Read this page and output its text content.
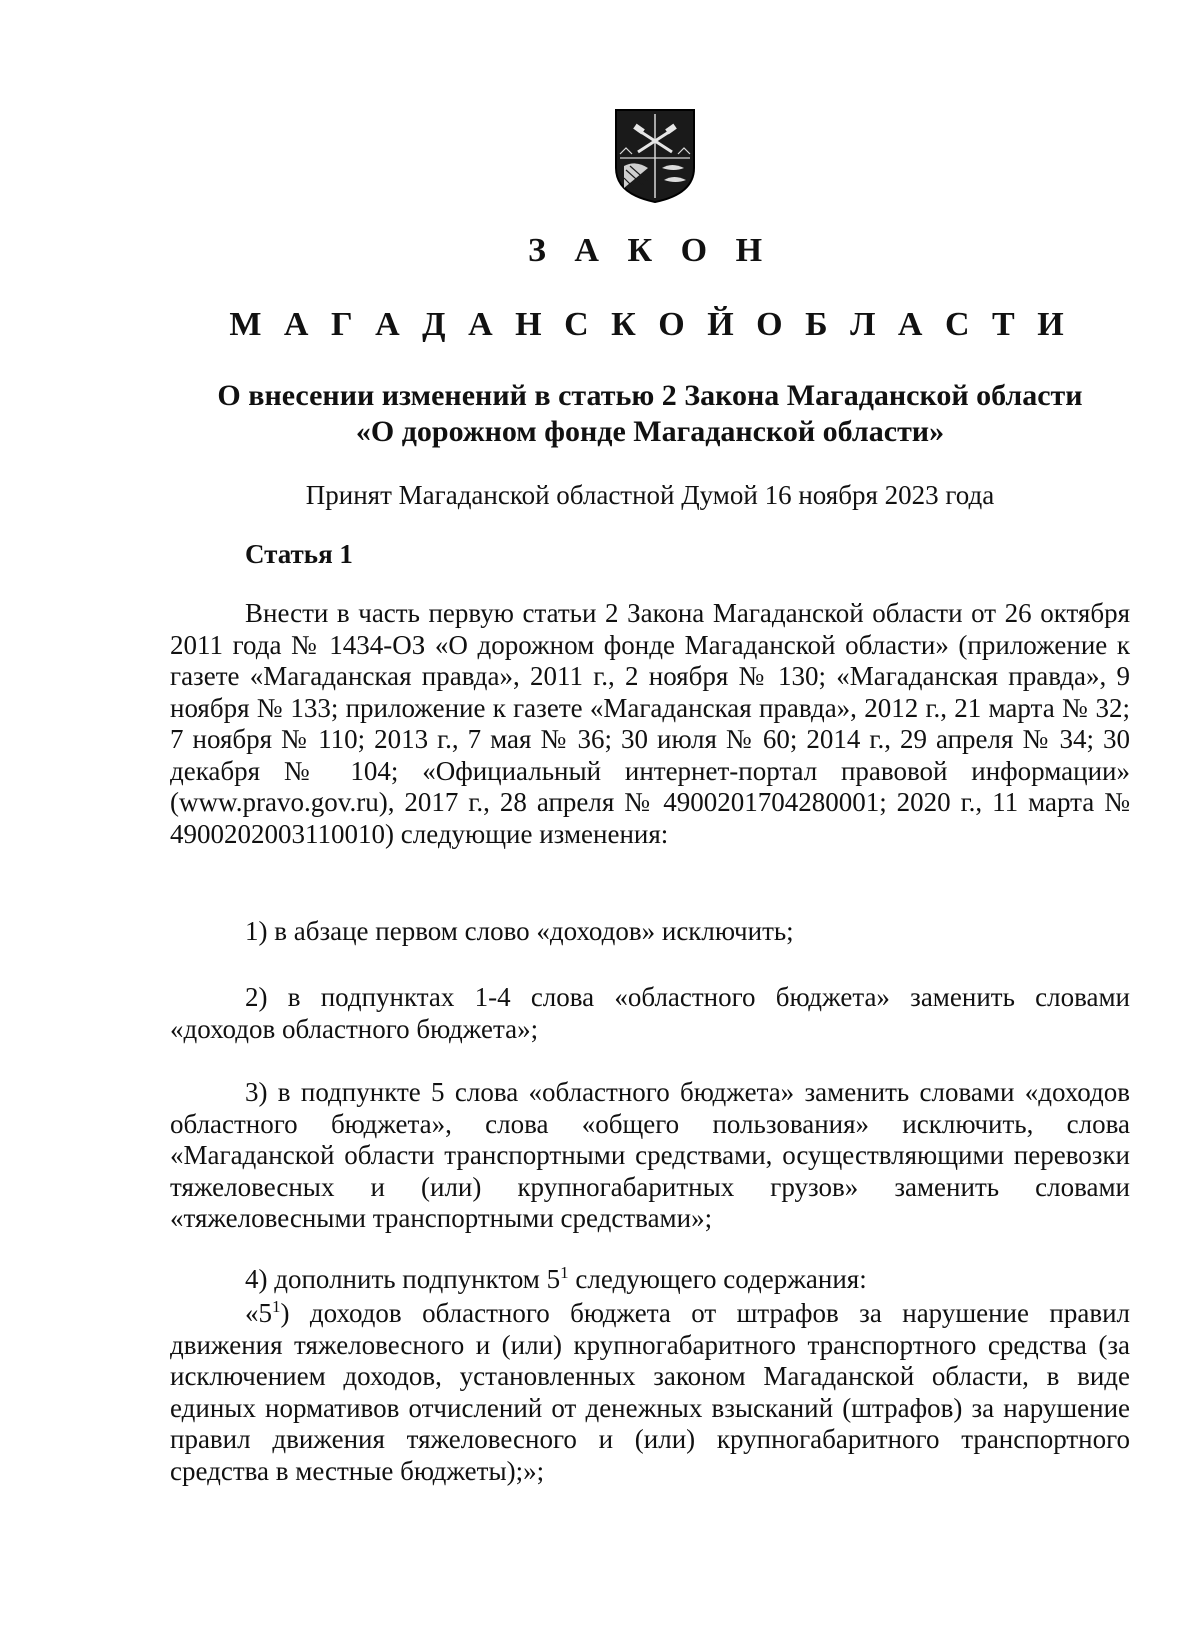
З А К О Н
М А Г А Д А Н С К О Й О Б Л А С Т И
О внесении изменений в статью 2 Закона Магаданской области
«О дорожном фонде Магаданской области»
Принят Магаданской областной Думой 16 ноября 2023 года
Статья 1

Внести в часть первую статьи 2 Закона Магаданской области от 26 октября 2011 года № 1434-ОЗ «О дорожном фонде Магаданской области» (приложение к газете «Магаданская правда», 2011 г., 2 ноября № 130; «Магаданская правда», 9 ноября № 133; приложение к газете «Магаданская правда», 2012 г., 21 марта № 32; 7 ноября № 110; 2013 г., 7 мая № 36; 30 июля № 60; 2014 г., 29 апреля № 34; 30 декабря № 104; «Официальный интернет-портал правовой информации» (www.pravo.gov.ru), 2017 г., 28 апреля № 4900201704280001; 2020 г., 11 марта № 4900202003110010) следующие изменения:

1) в абзаце первом слово «доходов» исключить;

2) в подпунктах 1-4 слова «областного бюджета» заменить словами «доходов областного бюджета»;

3) в подпункте 5 слова «областного бюджета» заменить словами «доходов областного бюджета», слова «общего пользования» исключить, слова «Магаданской области транспортными средствами, осуществляющими перевозки тяжеловесных и (или) крупногабаритных грузов» заменить словами «тяжеловесными транспортными средствами»;

4) дополнить подпунктом $5^1$ следующего содержания:

«$5^1$) доходов областного бюджета от штрафов за нарушение правил движения тяжеловесного и (или) крупногабаритного транспортного средства (за исключением доходов, установленных законом Магаданской области, в виде единых нормативов отчислений от денежных взысканий (штрафов) за нарушение правил движения тяжеловесного и (или) крупногабаритного транспортного средства в местные бюджеты);»;
